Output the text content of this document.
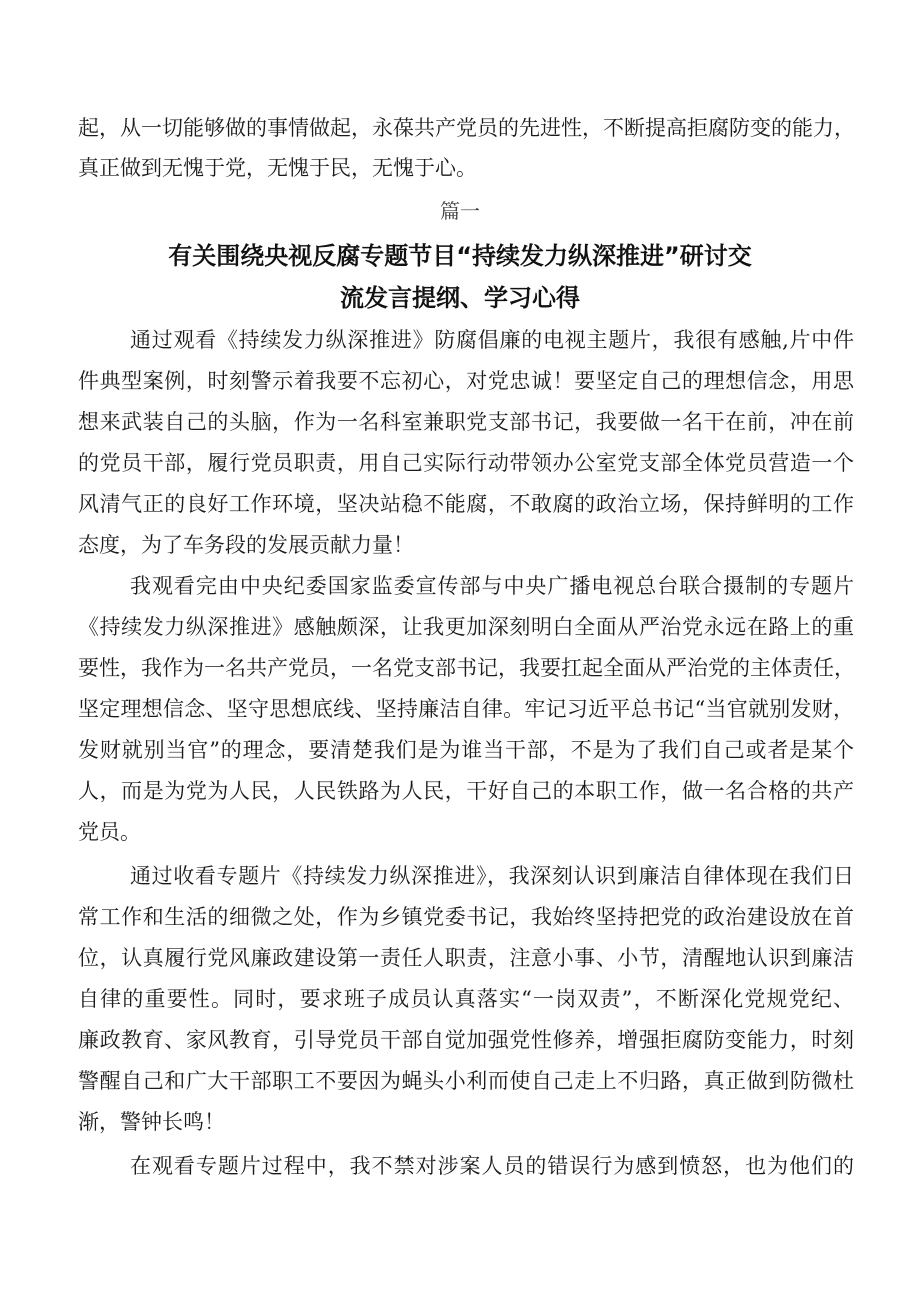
起，从一切能够做的事情做起，永葆共产党员的先进性，不断提高拒腐防变的能力，
真正做到无愧于党，无愧于民，无愧于心。
篇一
有关围绕央视反腐专题节目“持续发力纵深推进”研讨交
流发言提纲、学习心得
通过观看《持续发力纵深推进》防腐倡廉的电视主题片，我很有感触,片中件
件典型案例，时刻警示着我要不忘初心，对党忠诚！要坚定自己的理想信念，用思
想来武装自己的头脑，作为一名科室兼职党支部书记，我要做一名干在前，冲在前
的党员干部，履行党员职责，用自己实际行动带领办公室党支部全体党员营造一个
风清气正的良好工作环境，坚决站稳不能腐，不敢腐的政治立场，保持鲜明的工作
态度，为了车务段的发展贡献力量！
我观看完由中央纪委国家监委宣传部与中央广播电视总台联合摄制的专题片
《持续发力纵深推进》感触颇深，让我更加深刻明白全面从严治党永远在路上的重
要性，我作为一名共产党员，一名党支部书记，我要扛起全面从严治党的主体责任，
坚定理想信念、坚守思想底线、坚持廉洁自律。牢记习近平总书记“当官就别发财，
发财就别当官”的理念，要清楚我们是为谁当干部，不是为了我们自己或者是某个
人，而是为党为人民，人民铁路为人民，干好自己的本职工作，做一名合格的共产
党员。
通过收看专题片《持续发力纵深推进》，我深刻认识到廉洁自律体现在我们日
常工作和生活的细微之处，作为乡镇党委书记，我始终坚持把党的政治建设放在首
位，认真履行党风廉政建设第一责任人职责，注意小事、小节，清醒地认识到廉洁
自律的重要性。同时，要求班子成员认真落实“一岗双责”，不断深化党规党纪、
廉政教育、家风教育，引导党员干部自觉加强党性修养，增强拒腐防变能力，时刻
警醒自己和广大干部职工不要因为蝇头小利而使自己走上不归路，真正做到防微杜
渐，警钟长鸣！
在观看专题片过程中，我不禁对涉案人员的错误行为感到愤怒，也为他们的
